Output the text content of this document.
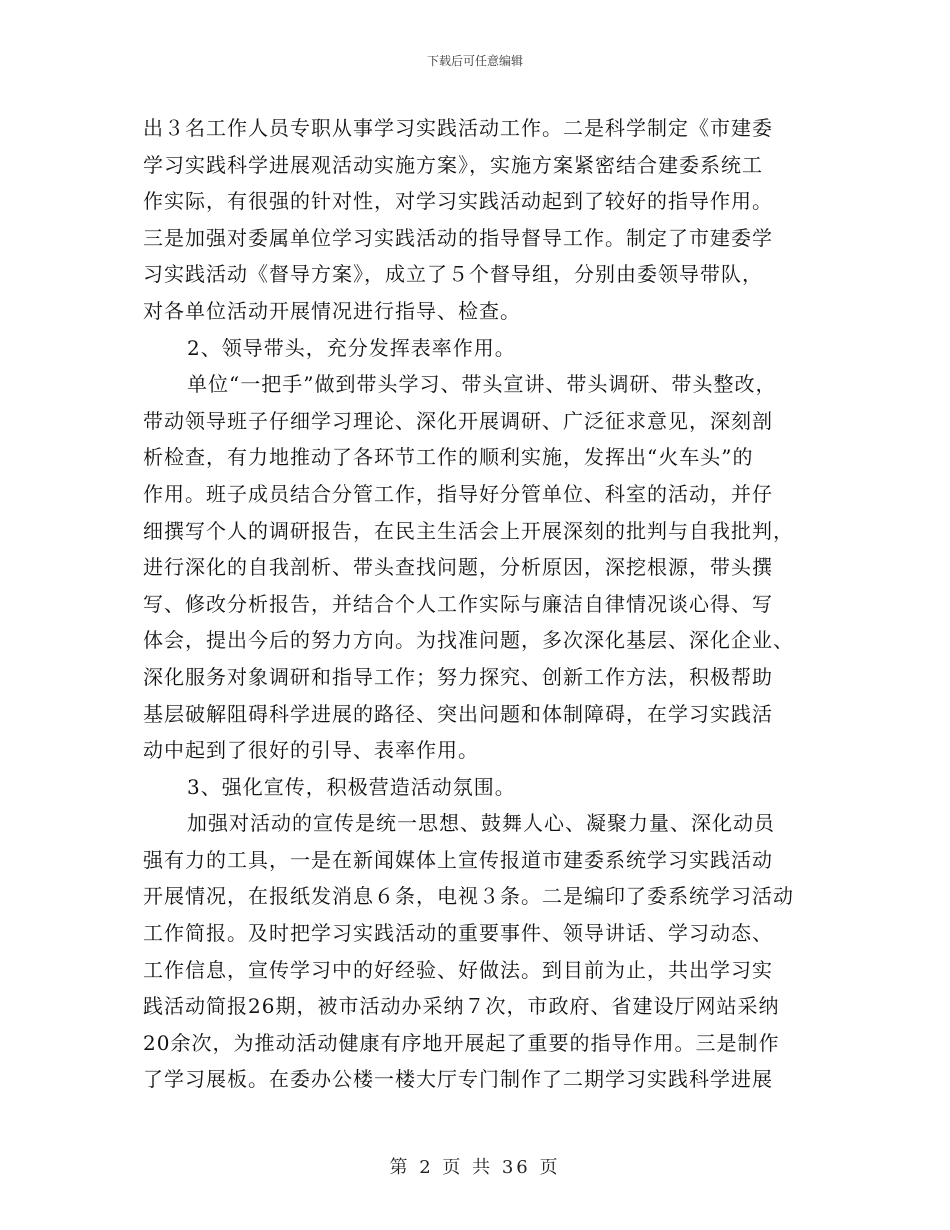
下载后可任意编辑
出３名工作人员专职从事学习实践活动工作。二是科学制定《市建委
学习实践科学进展观活动实施方案》，实施方案紧密结合建委系统工
作实际，有很强的针对性，对学习实践活动起到了较好的指导作用。
三是加强对委属单位学习实践活动的指导督导工作。制定了市建委学
习实践活动《督导方案》，成立了５个督导组，分别由委领导带队，
对各单位活动开展情况进行指导、检查。
2、领导带头，充分发挥表率作用。
单位“一把手”做到带头学习、带头宣讲、带头调研、带头整改，
带动领导班子仔细学习理论、深化开展调研、广泛征求意见，深刻剖
析检查，有力地推动了各环节工作的顺利实施，发挥出“火车头”的
作用。班子成员结合分管工作，指导好分管单位、科室的活动，并仔
细撰写个人的调研报告，在民主生活会上开展深刻的批判与自我批判，
进行深化的自我剖析、带头查找问题，分析原因，深挖根源，带头撰
写、修改分析报告，并结合个人工作实际与廉洁自律情况谈心得、写
体会，提出今后的努力方向。为找准问题，多次深化基层、深化企业、
深化服务对象调研和指导工作；努力探究、创新工作方法，积极帮助
基层破解阻碍科学进展的路径、突出问题和体制障碍，在学习实践活
动中起到了很好的引导、表率作用。
3、强化宣传，积极营造活动氛围。
加强对活动的宣传是统一思想、鼓舞人心、凝聚力量、深化动员
强有力的工具，一是在新闻媒体上宣传报道市建委系统学习实践活动
开展情况，在报纸发消息６条，电视３条。二是编印了委系统学习活动
工作简报。及时把学习实践活动的重要事件、领导讲话、学习动态、
工作信息，宣传学习中的好经验、好做法。到目前为止，共出学习实
践活动简报26期，被市活动办采纳７次，市政府、省建设厅网站采纳
20余次，为推动活动健康有序地开展起了重要的指导作用。三是制作
了学习展板。在委办公楼一楼大厅专门制作了二期学习实践科学进展
第 2 页 共 36 页
